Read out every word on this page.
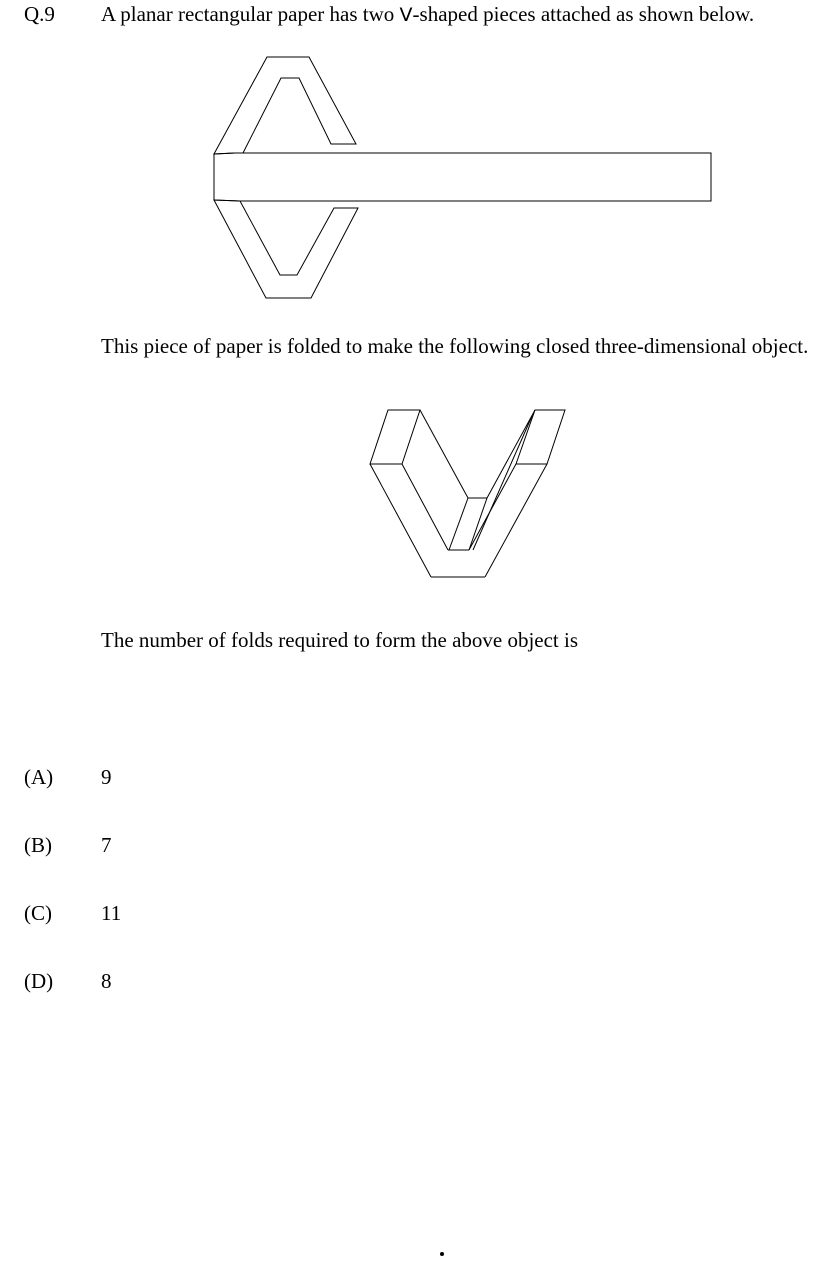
Q.9 A planar rectangular paper has two V-shaped pieces attached as shown below.
This piece of paper is folded to make the following closed three-dimensional object.
The number of folds required to form the above object is
(A) 9
(B) 7
(C) 11
(D) 8
